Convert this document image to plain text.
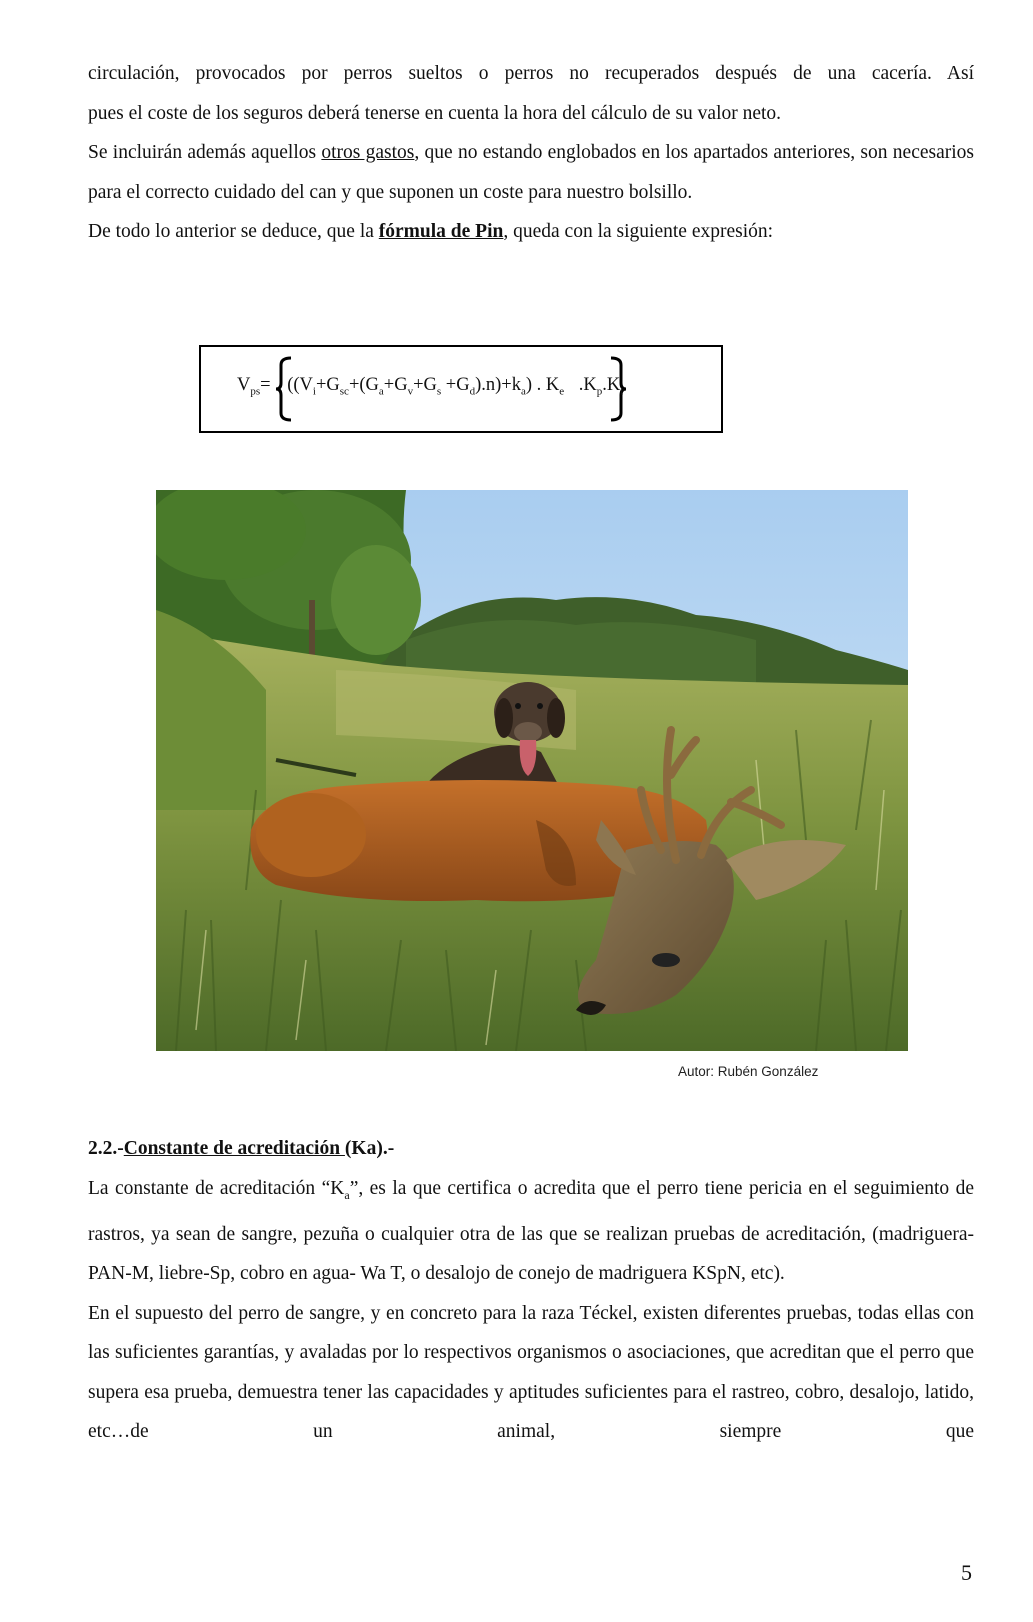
circulación, provocados por perros sueltos o perros no recuperados después de una cacería. Así

pues el coste de los seguros deberá tenerse en cuenta la hora del cálculo de su valor neto.

Se incluirán además aquellos otros gastos, que no estando englobados en los apartados anteriores, son necesarios para el correcto cuidado del can y que suponen un coste para nuestro bolsillo.

De todo lo anterior se deduce, que la fórmula de Pin, queda con la siguiente expresión:

$V_{ps}= ((V_i+G_{sc}+(G_a+G_v+G_s +G_d).n)+k_a)$ . $K_e$ $.K_p.K_r$
Autor: Rubén González

2.2.-Constante de acreditación (Ka).-

La constante de acreditación “$K_a$”, es la que certifica o acredita que el perro tiene pericia en el seguimiento de rastros, ya sean de sangre, pezuña o cualquier otra de las que se realizan pruebas de acreditación, (madriguera- PAN-M, liebre-Sp, cobro en agua- Wa T, o desalojo de conejo de madriguera KSpN, etc).

En el supuesto del perro de sangre, y en concreto para la raza Téckel, existen diferentes pruebas, todas ellas con las suficientes garantías, y avaladas por lo respectivos organismos o asociaciones, que acreditan que el perro que supera esa prueba, demuestra tener las capacidades y aptitudes suficientes para el rastreo, cobro, desalojo, latido, etc…de un animal, siempre que

5
